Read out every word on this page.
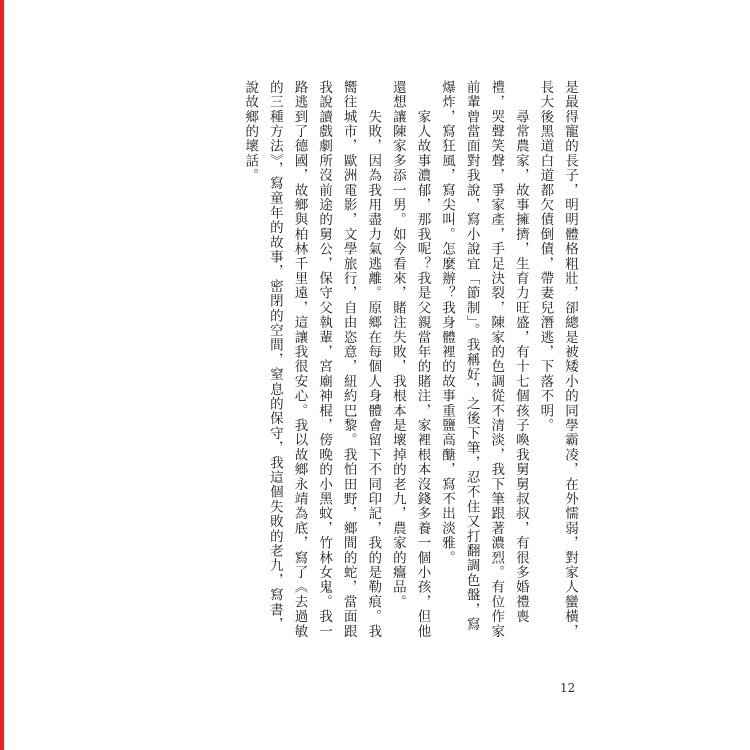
是最得寵的長子，明明體格粗壯，卻總是被矮小的同學霸凌，在外懦弱，對家人蠻橫，長大後黑道白道都欠債倒債，帶妻兒潛逃，下落不明。

　　尋常農家，故事擁擠，生育力旺盛，有十七個孩子喚我舅舅叔叔，有很多婚禮喪禮，哭聲笑聲，爭家產，手足決裂，陳家的色調從不清淡，我下筆跟著濃烈。有位作家前輩曾當面對我說，寫小說宜「節制」。我稱好，之後下筆，忍不住又打翻調色盤，寫爆炸，寫狂風，寫尖叫。怎麼辦？我身體裡的故事重鹽高醣，寫不出淡雅。

　　家人故事濃郁，那我呢？我是父親當年的賭注，家裡根本沒錢多養一個小孩，但他還想讓陳家多添一男。如今看來，賭注失敗，我根本是壞掉的老九，農家的癟品。

　　失敗，因為我用盡力氣逃離。原鄉在每個人身體會留下不同印記，我的是勒痕。我嚮往城市，歐洲電影，文學旅行，自由恣意，紐約巴黎。我怕田野，鄉間的蛇，當面跟我說讀戲劇所沒前途的舅公，保守父執輩，宮廟神棍，傍晚的小黑蚊，竹林女鬼。我一路逃到了德國，故鄉與柏林千里遠，這讓我很安心。我以故鄉永靖為底，寫了《去過敏的三種方法》，寫童年的故事，密閉的空間，窒息的保守，我這個失敗的老九，寫書，說故鄉的壞話。

12
